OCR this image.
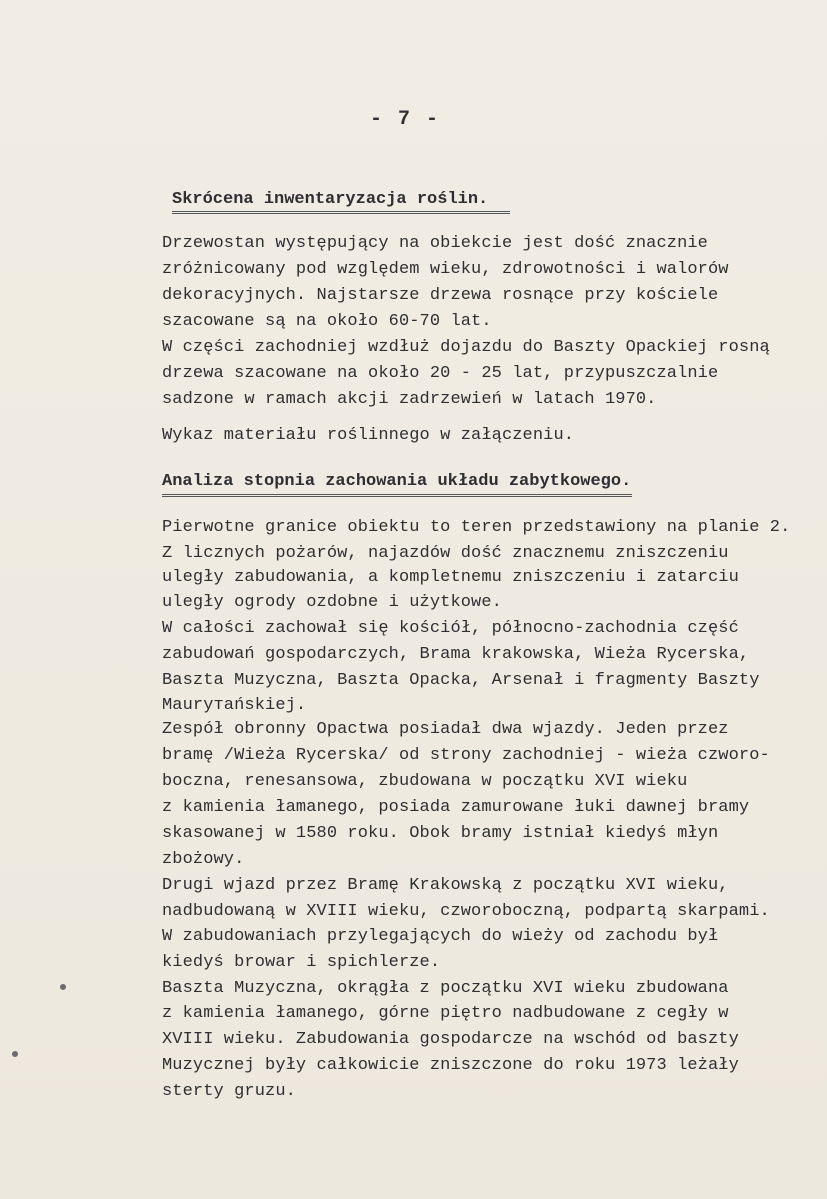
- 7 -
Skrócena inwentaryzacja roślin.
Drzewostan występujący na obiekcie jest dość znacznie
zróżnicowany pod względem wieku, zdrowotności i walorów
dekoracyjnych. Najstarsze drzewa rosnące przy kościele
szacowane są na około 60-70 lat.
W części zachodniej wzdłuż dojazdu do Baszty Opackiej rosną
drzewa szacowane na około 20 - 25 lat, przypuszczalnie
sadzone w ramach akcji zadrzewień w latach 1970.
Wykaz materiału roślinnego w załączeniu.
Analiza stopnia zachowania układu zabytkowego.
Pierwotne granice obiektu to teren przedstawiony na planie 2.
Z licznych pożarów, najazdów dość znacznemu zniszczeniu
uległy zabudowania, a kompletnemu zniszczeniu i zatarciu
uległy ogrody ozdobne i użytkowe.
W całości zachował się kościół, północno-zachodnia część
zabudowań gospodarczych, Brama krakowska, Wieża Rycerska,
Baszta Muzyczna, Baszta Opacka, Arsenał i fragmenty Baszty
Mauryтańskiej.
Zespół obronny Opactwa posiadał dwa wjazdy. Jeden przez
bramę /Wieża Rycerska/ od strony zachodniej - wieża czworo-
boczna, renesansowa, zbudowana w początku XVI wieku
z kamienia łamanego, posiada zamurowane łuki dawnej bramy
skasowanej w 1580 roku. Obok bramy istniał kiedyś młyn
zbożowy.
Drugi wjazd przez Bramę Krakowską z początku XVI wieku,
nadbudowaną w XVIII wieku, czworoboczną, podpartą skarpami.
W zabudowaniach przylegających do wieży od zachodu był
kiedyś browar i spichlerze.
Baszta Muzyczna, okrągła z początku XVI wieku zbudowana
z kamienia łamanego, górne piętro nadbudowane z cegły w
XVIII wieku. Zabudowania gospodarcze na wschód od baszty
Muzycznej były całkowicie zniszczone do roku 1973 leżały
sterty gruzu.
